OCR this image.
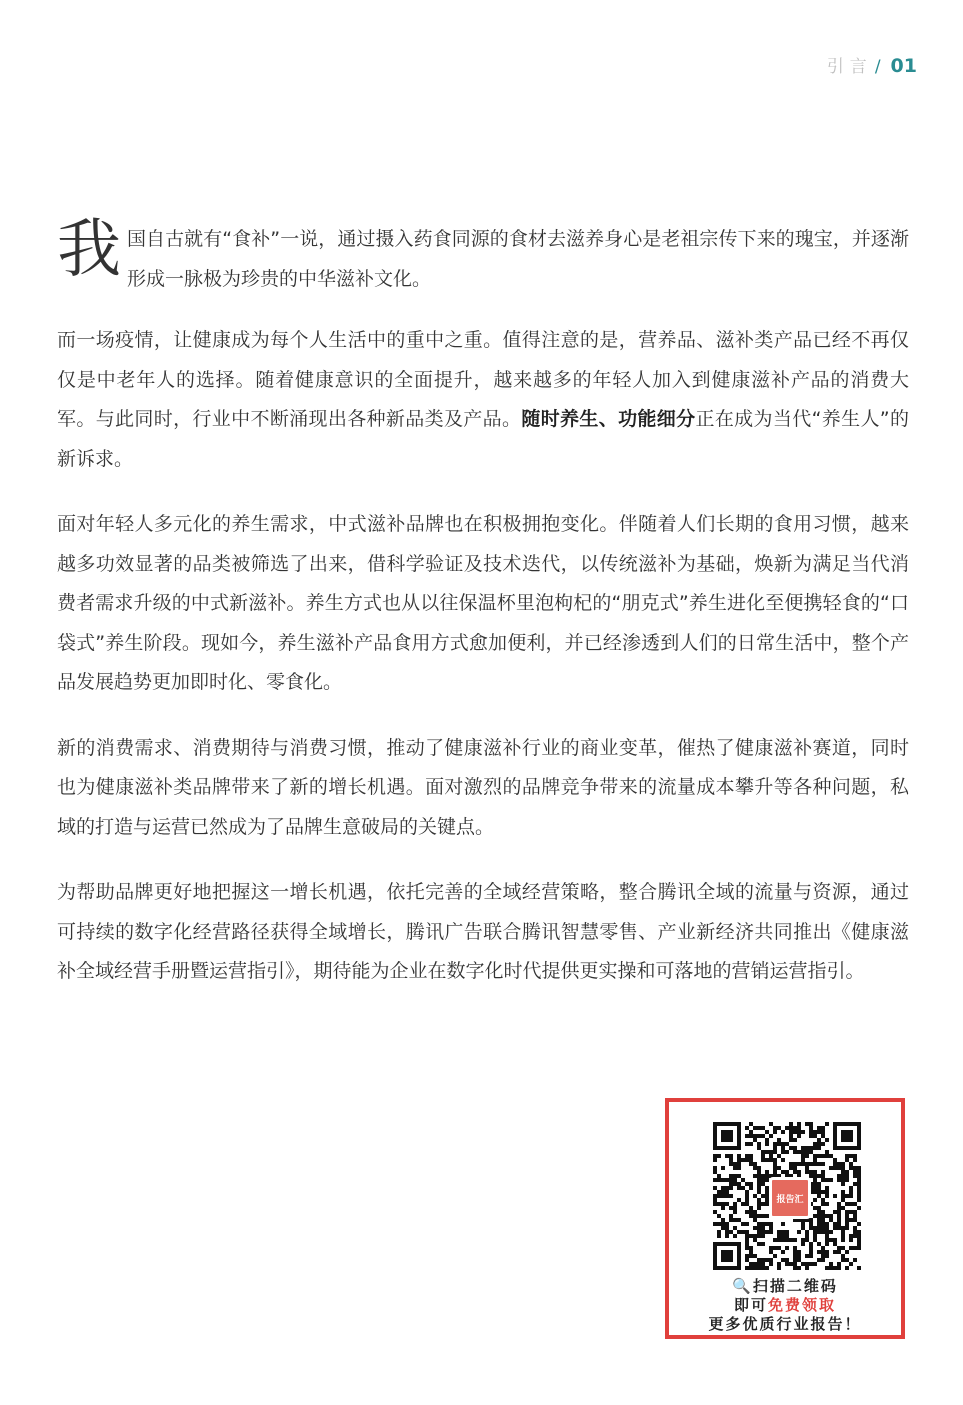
引言 / 01

我 国自古就有“食补”一说，通过摄入药食同源的食材去滋养身心是老祖宗传下来的瑰宝，并逐渐形成一脉极为珍贵的中华滋补文化。

而一场疫情，让健康成为每个人生活中的重中之重。值得注意的是，营养品、滋补类产品已经不再仅仅是中老年人的选择。随着健康意识的全面提升，越来越多的年轻人加入到健康滋补产品的消费大军。与此同时，行业中不断涌现出各种新品类及产品。随时养生、功能细分正在成为当代“养生人”的新诉求。

面对年轻人多元化的养生需求，中式滋补品牌也在积极拥抱变化。伴随着人们长期的食用习惯，越来越多功效显著的品类被筛选了出来，借科学验证及技术迭代，以传统滋补为基础，焕新为满足当代消费者需求升级的中式新滋补。养生方式也从以往保温杯里泡枸杞的“朋克式”养生进化至便携轻食的“口袋式”养生阶段。现如今，养生滋补产品食用方式愈加便利，并已经渗透到人们的日常生活中，整个产品发展趋势更加即时化、零食化。

新的消费需求、消费期待与消费习惯，推动了健康滋补行业的商业变革，催热了健康滋补赛道，同时也为健康滋补类品牌带来了新的增长机遇。面对激烈的品牌竞争带来的流量成本攀升等各种问题，私域的打造与运营已然成为了品牌生意破局的关键点。

为帮助品牌更好地把握这一增长机遇，依托完善的全域经营策略，整合腾讯全域的流量与资源，通过可持续的数字化经营路径获得全域增长，腾讯广告联合腾讯智慧零售、产业新经济共同推出《健康滋补全域经营手册暨运营指引》，期待能为企业在数字化时代提供更实操和可落地的营销运营指引。

报告汇
🔍扫描二维码
即可免费领取
更多优质行业报告！
